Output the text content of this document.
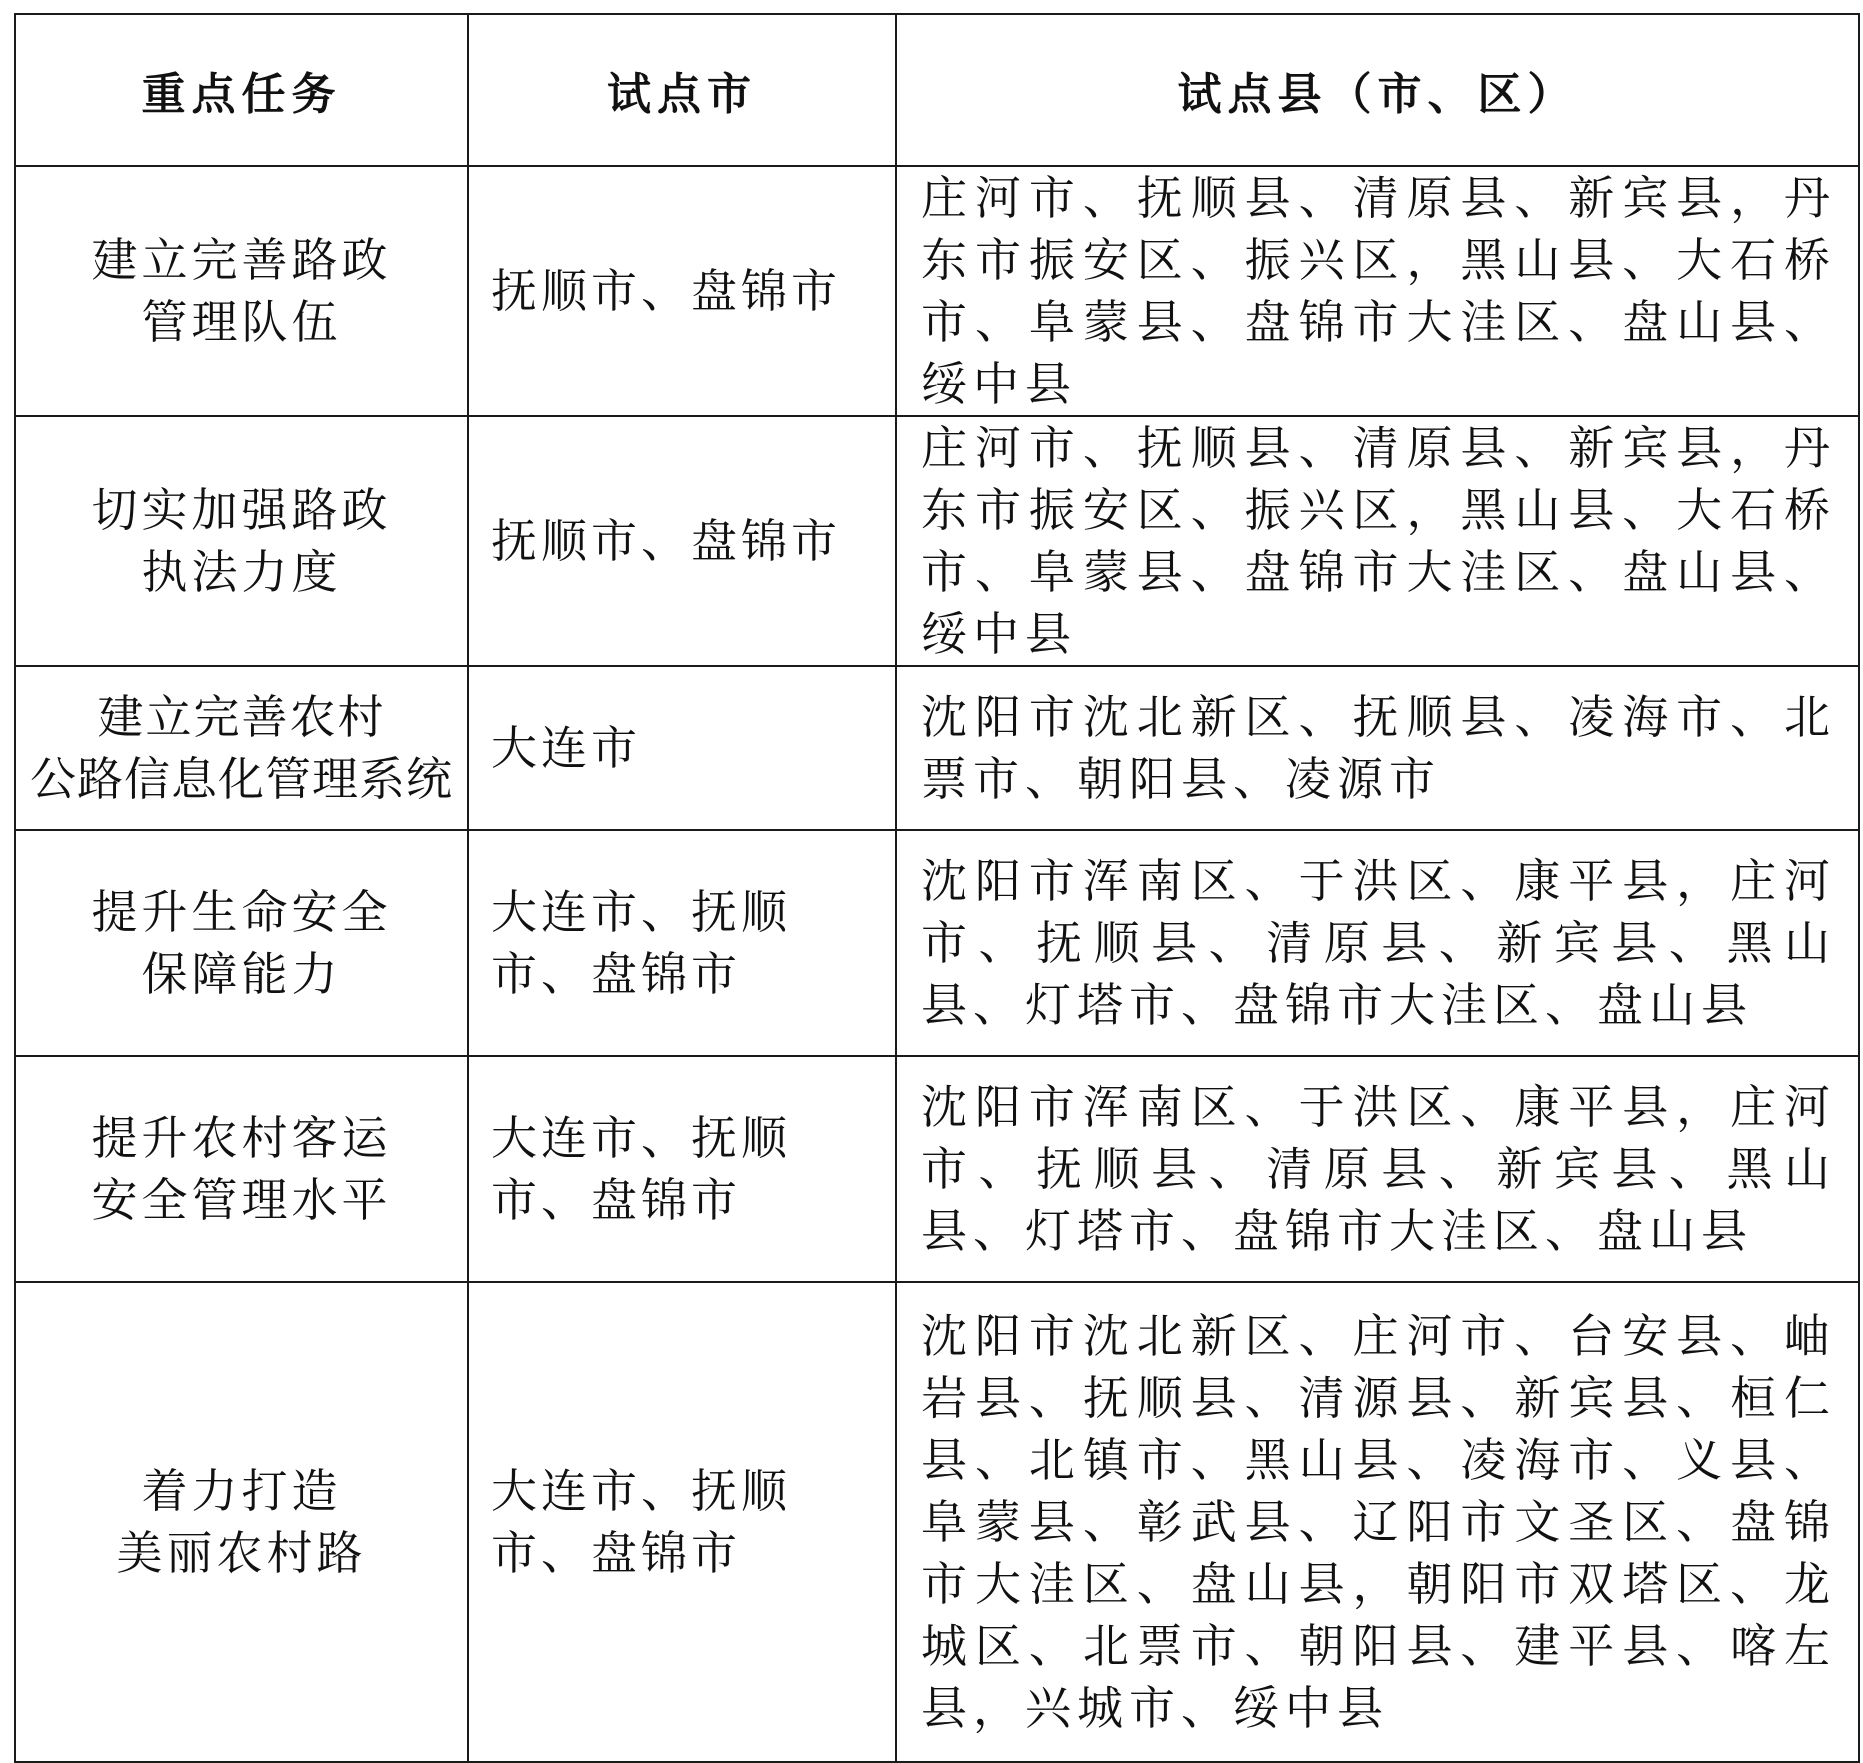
重点任务	试点市	试点县（市、区）

建立完善路政
管理队伍	抚顺市、盘锦市	庄河市、抚顺县、清原县、新宾县，丹东市振安区、振兴区，黑山县、大石桥市、阜蒙县、盘锦市大洼区、盘山县、绥中县

切实加强路政
执法力度	抚顺市、盘锦市	庄河市、抚顺县、清原县、新宾县，丹东市振安区、振兴区，黑山县、大石桥市、阜蒙县、盘锦市大洼区、盘山县、绥中县

建立完善农村
公路信息化管理系统	大连市	沈阳市沈北新区、抚顺县、凌海市、北票市、朝阳县、凌源市

提升生命安全
保障能力	大连市、抚顺市、盘锦市	沈阳市浑南区、于洪区、康平县，庄河市、抚顺县、清原县、新宾县、黑山县、灯塔市、盘锦市大洼区、盘山县

提升农村客运
安全管理水平	大连市、抚顺市、盘锦市	沈阳市浑南区、于洪区、康平县，庄河市、抚顺县、清原县、新宾县、黑山县、灯塔市、盘锦市大洼区、盘山县

着力打造
美丽农村路	大连市、抚顺市、盘锦市	沈阳市沈北新区、庄河市、台安县、岫岩县、抚顺县、清源县、新宾县、桓仁县、北镇市、黑山县、凌海市、义县、阜蒙县、彰武县、辽阳市文圣区、盘锦市大洼区、盘山县，朝阳市双塔区、龙城区、北票市、朝阳县、建平县、喀左县，兴城市、绥中县
